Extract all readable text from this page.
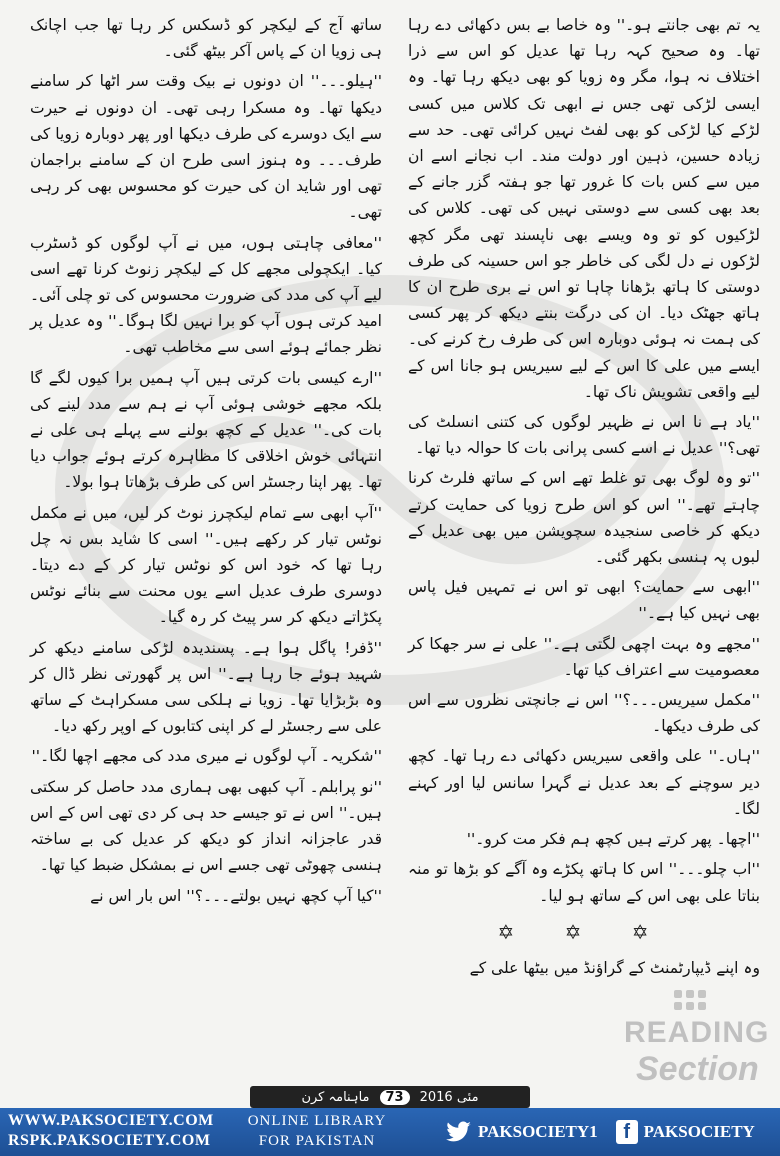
یہ تم بھی جانتے ہو۔'' وہ خاصا بے بس دکھائی دے رہا تھا۔ وہ صحیح کہہ رہا تھا عدیل کو اس سے ذرا اختلاف نہ ہوا، مگر وہ زویا کو بھی دیکھ رہا تھا۔ وہ ایسی لڑکی تھی جس نے ابھی تک کلاس میں کسی لڑکے کیا لڑکی کو بھی لفٹ نہیں کرائی تھی۔ حد سے زیادہ حسین، ذہین اور دولت مند۔ اب نجانے اسے ان میں سے کس بات کا غرور تھا جو ہفتہ گزر جانے کے بعد بھی کسی سے دوستی نہیں کی تھی۔ کلاس کی لڑکیوں کو تو وہ ویسے بھی ناپسند تھی مگر کچھ لڑکوں نے دل لگی کی خاطر جو اس حسینہ کی طرف دوستی کا ہاتھ بڑھانا چاہا تو اس نے بری طرح ان کا ہاتھ جھٹک دیا۔ ان کی درگت بنتے دیکھ کر پھر کسی کی ہمت نہ ہوئی دوبارہ اس کی طرف رخ کرنے کی۔ ایسے میں علی کا اس کے لیے سیریس ہو جانا اس کے لیے واقعی تشویش ناک تھا۔

''یاد ہے نا اس نے ظہیر لوگوں کی کتنی انسلٹ کی تھی؟'' عدیل نے اسے کسی پرانی بات کا حوالہ دیا تھا۔

''تو وہ لوگ بھی تو غلط تھے اس کے ساتھ فلرٹ کرنا چاہتے تھے۔'' اس کو اس طرح زویا کی حمایت کرتے دیکھ کر خاصی سنجیدہ سچویشن میں بھی عدیل کے لبوں پہ ہنسی بکھر گئی۔

''ابھی سے حمایت؟ ابھی تو اس نے تمہیں فیل پاس بھی نہیں کیا ہے۔''

''مجھے وہ بہت اچھی لگتی ہے۔'' علی نے سر جھکا کر معصومیت سے اعتراف کیا تھا۔

''مکمل سیریس۔۔۔؟'' اس نے جانچتی نظروں سے اس کی طرف دیکھا۔

''ہاں۔'' علی واقعی سیریس دکھائی دے رہا تھا۔ کچھ دیر سوچنے کے بعد عدیل نے گہرا سانس لیا اور کہنے لگا۔

''اچھا۔ پھر کرتے ہیں کچھ ہم فکر مت کرو۔''

''اب چلو۔۔۔'' اس کا ہاتھ پکڑے وہ آگے کو بڑھا تو منہ بناتا علی بھی اس کے ساتھ ہو لیا۔

✡ ✡ ✡

وہ اپنے ڈیپارٹمنٹ کے گراؤنڈ میں بیٹھا علی کے

ساتھ آج کے لیکچر کو ڈسکس کر رہا تھا جب اچانک ہی زویا ان کے پاس آکر بیٹھ گئی۔

''ہیلو۔۔۔'' ان دونوں نے بیک وقت سر اٹھا کر سامنے دیکھا تھا۔ وہ مسکرا رہی تھی۔ ان دونوں نے حیرت سے ایک دوسرے کی طرف دیکھا اور پھر دوبارہ زویا کی طرف۔۔۔ وہ ہنوز اسی طرح ان کے سامنے براجمان تھی اور شاید ان کی حیرت کو محسوس بھی کر رہی تھی۔

''معافی چاہتی ہوں، میں نے آپ لوگوں کو ڈسٹرب کیا۔ ایکچولی مجھے کل کے لیکچر زنوٹ کرنا تھے اسی لیے آپ کی مدد کی ضرورت محسوس کی تو چلی آئی۔ امید کرتی ہوں آپ کو برا نہیں لگا ہوگا۔'' وہ عدیل پر نظر جمائے ہوئے اسی سے مخاطب تھی۔

''ارے کیسی بات کرتی ہیں آپ ہمیں برا کیوں لگے گا بلکہ مجھے خوشی ہوئی آپ نے ہم سے مدد لینے کی بات کی۔'' عدیل کے کچھ بولنے سے پہلے ہی علی نے انتہائی خوش اخلاقی کا مظاہرہ کرتے ہوئے جواب دیا تھا۔ پھر اپنا رجسٹر اس کی طرف بڑھاتا ہوا بولا۔

''آپ ابھی سے تمام لیکچرز نوٹ کر لیں، میں نے مکمل نوٹس تیار کر رکھے ہیں۔'' اسی کا شاید بس نہ چل رہا تھا کہ خود اس کو نوٹس تیار کر کے دے دیتا۔ دوسری طرف عدیل اسے یوں محنت سے بنائے نوٹس پکڑاتے دیکھ کر سر پیٹ کر رہ گیا۔

''ڈفر! پاگل ہوا ہے۔ پسندیدہ لڑکی سامنے دیکھ کر شہید ہوئے جا رہا ہے۔'' اس پر گھورتی نظر ڈال کر وہ بڑبڑایا تھا۔ زویا نے ہلکی سی مسکراہٹ کے ساتھ علی سے رجسٹر لے کر اپنی کتابوں کے اوپر رکھ دیا۔

''شکریہ۔ آپ لوگوں نے میری مدد کی مجھے اچھا لگا۔''

''نو پرابلم۔ آپ کبھی بھی ہماری مدد حاصل کر سکتی ہیں۔'' اس نے تو جیسے حد ہی کر دی تھی اس کے اس قدر عاجزانہ انداز کو دیکھ کر عدیل کی بے ساختہ ہنسی چھوٹی تھی جسے اس نے بمشکل ضبط کیا تھا۔

''کیا آپ کچھ نہیں بولتے۔۔۔؟'' اس بار اس نے

READING
Section
ماہنامہ کرن	73	مئی 2016
WWW.PAKSOCIETY.COM
RSPK.PAKSOCIETY.COM
ONLINE LIBRARY
FOR PAKISTAN	PAKSOCIETY1	f PAKSOCIETY
